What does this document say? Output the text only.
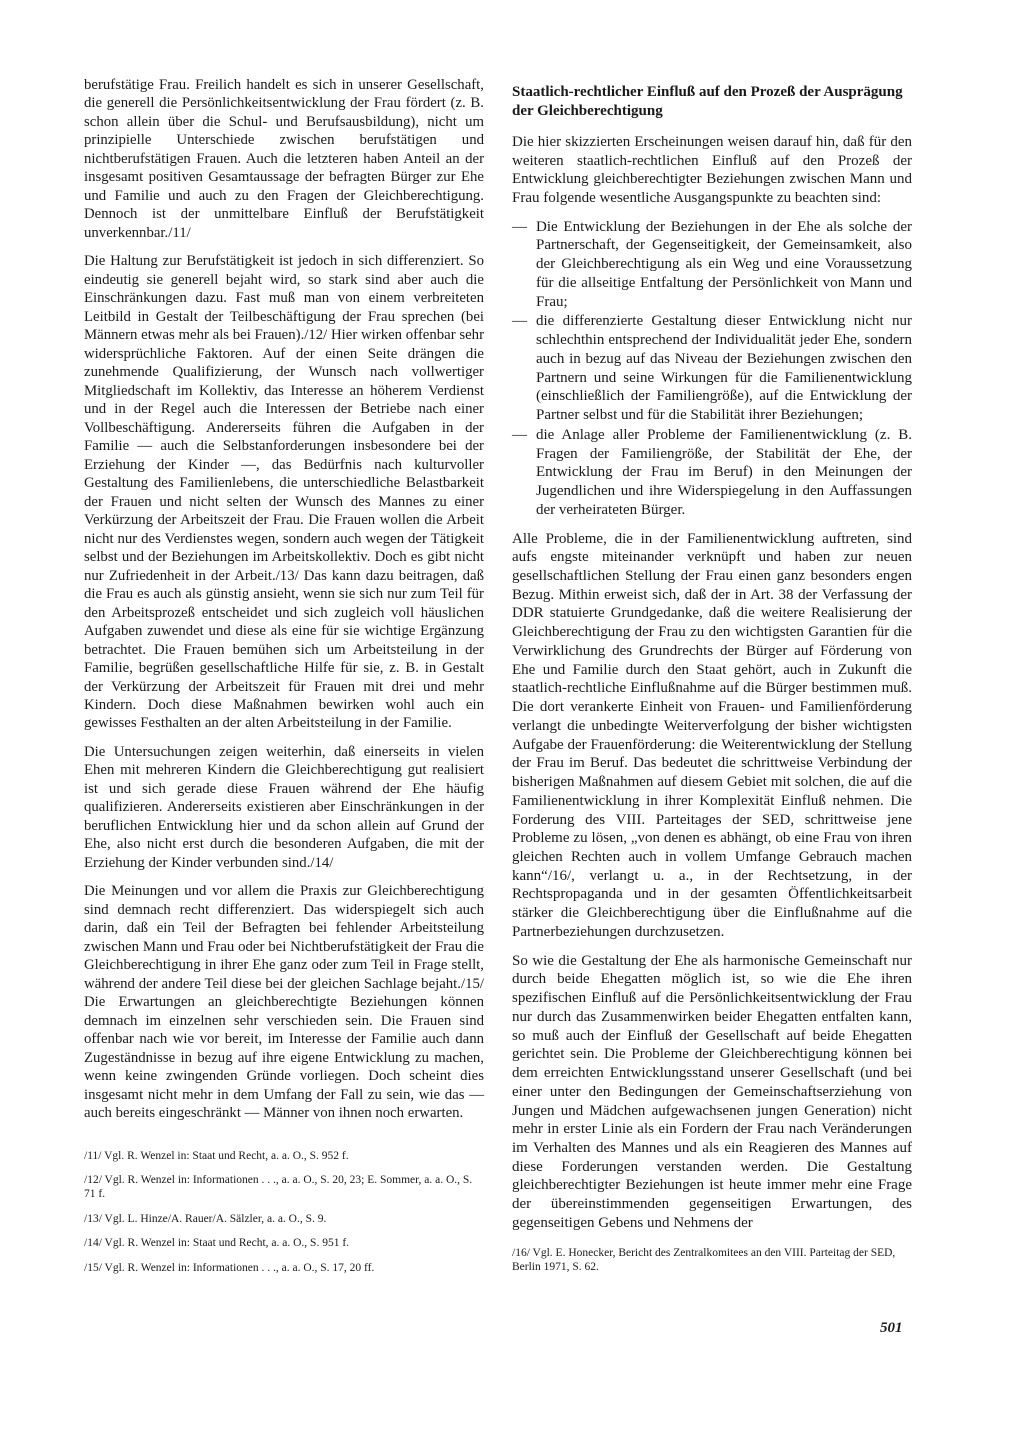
berufstätige Frau. Freilich handelt es sich in unserer Gesellschaft, die generell die Persönlichkeitsentwicklung der Frau fördert (z. B. schon allein über die Schul- und Berufsausbildung), nicht um prinzipielle Unterschiede zwischen berufstätigen und nichtberufstätigen Frauen. Auch die letzteren haben Anteil an der insgesamt positiven Gesamtaussage der befragten Bürger zur Ehe und Familie und auch zu den Fragen der Gleichberechtigung. Dennoch ist der unmittelbare Einfluß der Berufstätigkeit unverkennbar./11/

Die Haltung zur Berufstätigkeit ist jedoch in sich differenziert. So eindeutig sie generell bejaht wird, so stark sind aber auch die Einschränkungen dazu. Fast muß man von einem verbreiteten Leitbild in Gestalt der Teilbeschäftigung der Frau sprechen (bei Männern etwas mehr als bei Frauen)./12/ Hier wirken offenbar sehr widersprüchliche Faktoren. Auf der einen Seite drängen die zunehmende Qualifizierung, der Wunsch nach vollwertiger Mitgliedschaft im Kollektiv, das Interesse an höherem Verdienst und in der Regel auch die Interessen der Betriebe nach einer Vollbeschäftigung. Andererseits führen die Aufgaben in der Familie — auch die Selbstanforderungen insbesondere bei der Erziehung der Kinder —, das Bedürfnis nach kulturvoller Gestaltung des Familienlebens, die unterschiedliche Belastbarkeit der Frauen und nicht selten der Wunsch des Mannes zu einer Verkürzung der Arbeitszeit der Frau. Die Frauen wollen die Arbeit nicht nur des Verdienstes wegen, sondern auch wegen der Tätigkeit selbst und der Beziehungen im Arbeitskollektiv. Doch es gibt nicht nur Zufriedenheit in der Arbeit./13/ Das kann dazu beitragen, daß die Frau es auch als günstig ansieht, wenn sie sich nur zum Teil für den Arbeitsprozeß entscheidet und sich zugleich voll häuslichen Aufgaben zuwendet und diese als eine für sie wichtige Ergänzung betrachtet. Die Frauen bemühen sich um Arbeitsteilung in der Familie, begrüßen gesellschaftliche Hilfe für sie, z. B. in Gestalt der Verkürzung der Arbeitszeit für Frauen mit drei und mehr Kindern. Doch diese Maßnahmen bewirken wohl auch ein gewisses Festhalten an der alten Arbeitsteilung in der Familie.

Die Untersuchungen zeigen weiterhin, daß einerseits in vielen Ehen mit mehreren Kindern die Gleichberechtigung gut realisiert ist und sich gerade diese Frauen während der Ehe häufig qualifizieren. Andererseits existieren aber Einschränkungen in der beruflichen Entwicklung hier und da schon allein auf Grund der Ehe, also nicht erst durch die besonderen Aufgaben, die mit der Erziehung der Kinder verbunden sind./14/

Die Meinungen und vor allem die Praxis zur Gleichberechtigung sind demnach recht differenziert. Das widerspiegelt sich auch darin, daß ein Teil der Befragten bei fehlender Arbeitsteilung zwischen Mann und Frau oder bei Nichtberufstätigkeit der Frau die Gleichberechtigung in ihrer Ehe ganz oder zum Teil in Frage stellt, während der andere Teil diese bei der gleichen Sachlage bejaht./15/ Die Erwartungen an gleichberechtigte Beziehungen können demnach im einzelnen sehr verschieden sein. Die Frauen sind offenbar nach wie vor bereit, im Interesse der Familie auch dann Zugeständnisse in bezug auf ihre eigene Entwicklung zu machen, wenn keine zwingenden Gründe vorliegen. Doch scheint dies insgesamt nicht mehr in dem Umfang der Fall zu sein, wie das — auch bereits eingeschränkt — Männer von ihnen noch erwarten.

/11/ Vgl. R. Wenzel in: Staat und Recht, a. a. O., S. 952 f.

/12/ Vgl. R. Wenzel in: Informationen . . ., a. a. O., S. 20, 23; E. Sommer, a. a. O., S. 71 f.

/13/ Vgl. L. Hinze/A. Rauer/A. Sälzler, a. a. O., S. 9.

/14/ Vgl. R. Wenzel in: Staat und Recht, a. a. O., S. 951 f.

/15/ Vgl. R. Wenzel in: Informationen . . ., a. a. O., S. 17, 20 ff.

Staatlich-rechtlicher Einfluß auf den Prozeß der Ausprägung der Gleichberechtigung

Die hier skizzierten Erscheinungen weisen darauf hin, daß für den weiteren staatlich-rechtlichen Einfluß auf den Prozeß der Entwicklung gleichberechtigter Beziehungen zwischen Mann und Frau folgende wesentliche Ausgangspunkte zu beachten sind:

— Die Entwicklung der Beziehungen in der Ehe als solche der Partnerschaft, der Gegenseitigkeit, der Gemeinsamkeit, also der Gleichberechtigung als ein Weg und eine Voraussetzung für die allseitige Entfaltung der Persönlichkeit von Mann und Frau;
— die differenzierte Gestaltung dieser Entwicklung nicht nur schlechthin entsprechend der Individualität jeder Ehe, sondern auch in bezug auf das Niveau der Beziehungen zwischen den Partnern und seine Wirkungen für die Familienentwicklung (einschließlich der Familiengröße), auf die Entwicklung der Partner selbst und für die Stabilität ihrer Beziehungen;
— die Anlage aller Probleme der Familienentwicklung (z. B. Fragen der Familiengröße, der Stabilität der Ehe, der Entwicklung der Frau im Beruf) in den Meinungen der Jugendlichen und ihre Widerspiegelung in den Auffassungen der verheirateten Bürger.

Alle Probleme, die in der Familienentwicklung auftreten, sind aufs engste miteinander verknüpft und haben zur neuen gesellschaftlichen Stellung der Frau einen ganz besonders engen Bezug. Mithin erweist sich, daß der in Art. 38 der Verfassung der DDR statuierte Grundgedanke, daß die weitere Realisierung der Gleichberechtigung der Frau zu den wichtigsten Garantien für die Verwirklichung des Grundrechts der Bürger auf Förderung von Ehe und Familie durch den Staat gehört, auch in Zukunft die staatlich-rechtliche Einflußnahme auf die Bürger bestimmen muß. Die dort verankerte Einheit von Frauen- und Familienförderung verlangt die unbedingte Weiterverfolgung der bisher wichtigsten Aufgabe der Frauenförderung: die Weiterentwicklung der Stellung der Frau im Beruf. Das bedeutet die schrittweise Verbindung der bisherigen Maßnahmen auf diesem Gebiet mit solchen, die auf die Familienentwicklung in ihrer Komplexität Einfluß nehmen. Die Forderung des VIII. Parteitages der SED, schrittweise jene Probleme zu lösen, „von denen es abhängt, ob eine Frau von ihren gleichen Rechten auch in vollem Umfange Gebrauch machen kann“/16/, verlangt u. a., in der Rechtsetzung, in der Rechtspropaganda und in der gesamten Öffentlichkeitsarbeit stärker die Gleichberechtigung über die Einflußnahme auf die Partnerbeziehungen durchzusetzen.

So wie die Gestaltung der Ehe als harmonische Gemeinschaft nur durch beide Ehegatten möglich ist, so wie die Ehe ihren spezifischen Einfluß auf die Persönlichkeitsentwicklung der Frau nur durch das Zusammenwirken beider Ehegatten entfalten kann, so muß auch der Einfluß der Gesellschaft auf beide Ehegatten gerichtet sein. Die Probleme der Gleichberechtigung können bei dem erreichten Entwicklungsstand unserer Gesellschaft (und bei einer unter den Bedingungen der Gemeinschaftserziehung von Jungen und Mädchen aufgewachsenen jungen Generation) nicht mehr in erster Linie als ein Fordern der Frau nach Veränderungen im Verhalten des Mannes und als ein Reagieren des Mannes auf diese Forderungen verstanden werden. Die Gestaltung gleichberechtigter Beziehungen ist heute immer mehr eine Frage der übereinstimmenden gegenseitigen Erwartungen, des gegenseitigen Gebens und Nehmens der

/16/ Vgl. E. Honecker, Bericht des Zentralkomitees an den VIII. Parteitag der SED, Berlin 1971, S. 62.

501
